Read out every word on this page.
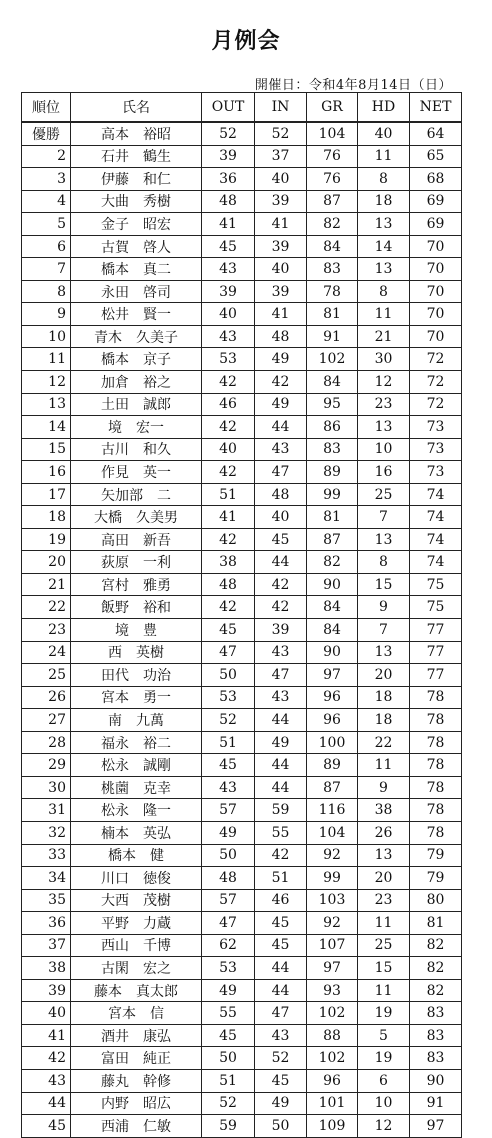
月例会
開催日：令和4年8月14日（日）
順位	氏名	OUT	IN	GR	HD	NET
優勝	高本　裕昭	52	52	104	40	64
2	石井　鶴生	39	37	76	11	65
3	伊藤　和仁	36	40	76	8	68
4	大曲　秀樹	48	39	87	18	69
5	金子　昭宏	41	41	82	13	69
6	古賀　啓人	45	39	84	14	70
7	橋本　真二	43	40	83	13	70
8	永田　啓司	39	39	78	8	70
9	松井　賢一	40	41	81	11	70
10	青木　久美子	43	48	91	21	70
11	橋本　京子	53	49	102	30	72
12	加倉　裕之	42	42	84	12	72
13	土田　誠郎	46	49	95	23	72
14	境　宏一	42	44	86	13	73
15	古川　和久	40	43	83	10	73
16	作見　英一	42	47	89	16	73
17	矢加部　二	51	48	99	25	74
18	大橋　久美男	41	40	81	7	74
19	高田　新吾	42	45	87	13	74
20	荻原　一利	38	44	82	8	74
21	宮村　雅勇	48	42	90	15	75
22	飯野　裕和	42	42	84	9	75
23	境　豊	45	39	84	7	77
24	西　英樹	47	43	90	13	77
25	田代　功治	50	47	97	20	77
26	宮本　勇一	53	43	96	18	78
27	南　九萬	52	44	96	18	78
28	福永　裕二	51	49	100	22	78
29	松永　誠剛	45	44	89	11	78
30	桃薗　克幸	43	44	87	9	78
31	松永　隆一	57	59	116	38	78
32	楠本　英弘	49	55	104	26	78
33	橋本　健	50	42	92	13	79
34	川口　徳俊	48	51	99	20	79
35	大西　茂樹	57	46	103	23	80
36	平野　力蔵	47	45	92	11	81
37	西山　千博	62	45	107	25	82
38	古閑　宏之	53	44	97	15	82
39	藤本　真太郎	49	44	93	11	82
40	宮本　信	55	47	102	19	83
41	酒井　康弘	45	43	88	5	83
42	富田　純正	50	52	102	19	83
43	藤丸　幹修	51	45	96	6	90
44	内野　昭広	52	49	101	10	91
45	西浦　仁敏	59	50	109	12	97
